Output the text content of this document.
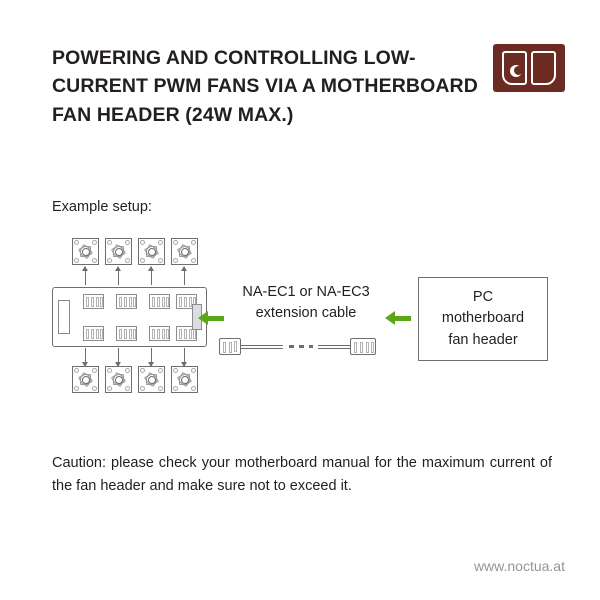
POWERING AND CONTROLLING LOW-CURRENT PWM FANS VIA A MOTHERBOARD FAN HEADER (24W MAX.)
Example setup:
NA-EC1 or NA-EC3
extension cable
PC
motherboard
fan header
Caution: please check your motherboard manual for the maximum current of the fan header and make sure not to exceed it.
www.noctua.at
